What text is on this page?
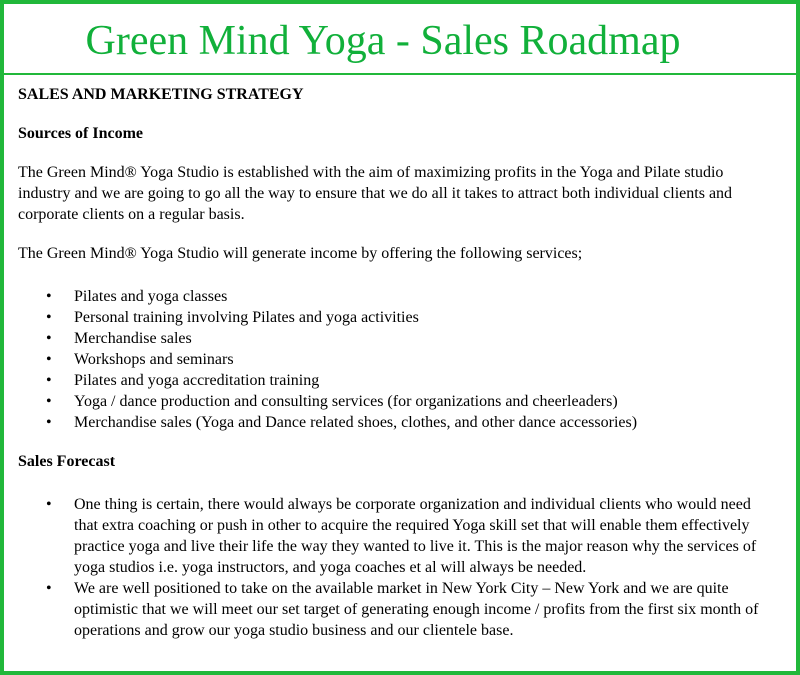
Green Mind Yoga - Sales Roadmap
SALES AND MARKETING STRATEGY
Sources of Income

The Green Mind® Yoga Studio is established with the aim of maximizing profits in the Yoga and Pilate studio industry and we are going to go all the way to ensure that we do all it takes to attract both individual clients and corporate clients on a regular basis.

The Green Mind® Yoga Studio will generate income by offering the following services;

• Pilates and yoga classes
• Personal training involving Pilates and yoga activities
• Merchandise sales
• Workshops and seminars
• Pilates and yoga accreditation training
• Yoga / dance production and consulting services (for organizations and cheerleaders)
• Merchandise sales (Yoga and Dance related shoes, clothes, and other dance accessories)
Sales Forecast
• One thing is certain, there would always be corporate organization and individual clients who would need that extra coaching or push in other to acquire the required Yoga skill set that will enable them effectively practice yoga and live their life the way they wanted to live it. This is the major reason why the services of yoga studios i.e. yoga instructors, and yoga coaches et al will always be needed.
• We are well positioned to take on the available market in New York City – New York and we are quite optimistic that we will meet our set target of generating enough income / profits from the first six month of operations and grow our yoga studio business and our clientele base.
